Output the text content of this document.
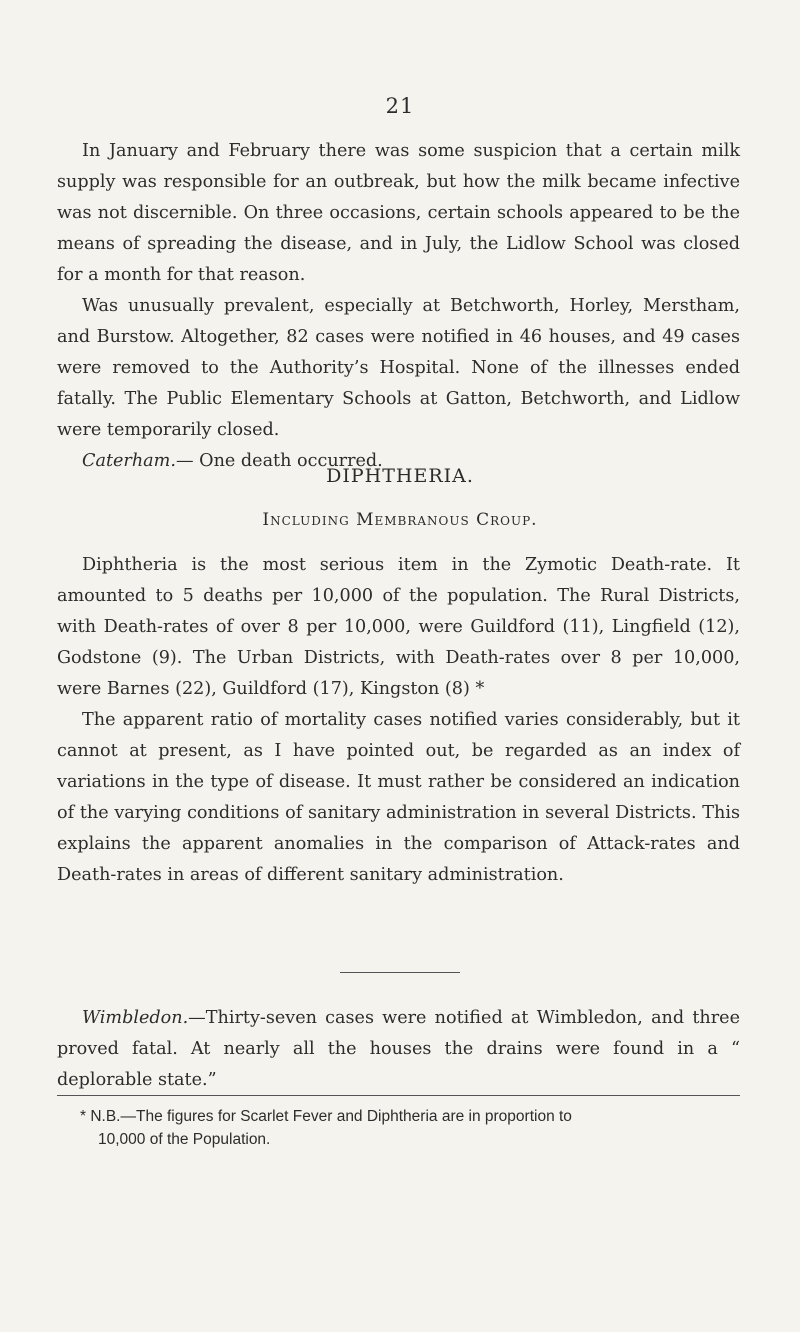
21

In January and February there was some suspicion that a certain milk supply was responsible for an outbreak, but how the milk became infective was not discernible. On three occasions, certain schools appeared to be the means of spreading the disease, and in July, the Lidlow School was closed for a month for that reason.

Was unusually prevalent, especially at Betchworth, Horley, Merstham, and Burstow. Altogether, 82 cases were notified in 46 houses, and 49 cases were removed to the Authority’s Hospital. None of the illnesses ended fatally. The Public Elementary Schools at Gatton, Betchworth, and Lidlow were temporarily closed.

Caterham.— One death occurred.

DIPHTHERIA.
Including Membranous Croup.

Diphtheria is the most serious item in the Zymotic Death-rate. It amounted to 5 deaths per 10,000 of the population. The Rural Districts, with Death-rates of over 8 per 10,000, were Guildford (11), Lingfield (12), Godstone (9). The Urban Districts, with Death-rates over 8 per 10,000, were Barnes (22), Guildford (17), Kingston (8) *

The apparent ratio of mortality cases notified varies considerably, but it cannot at present, as I have pointed out, be regarded as an index of variations in the type of disease. It must rather be considered an indication of the varying conditions of sanitary administration in several Districts. This explains the apparent anomalies in the comparison of Attack-rates and Death-rates in areas of different sanitary administration.

Wimbledon.—Thirty-seven cases were notified at Wimbledon, and three proved fatal. At nearly all the houses the drains were found in a “ deplorable state.”

* N.B.—The figures for Scarlet Fever and Diphtheria are in proportion to
10,000 of the Population.
